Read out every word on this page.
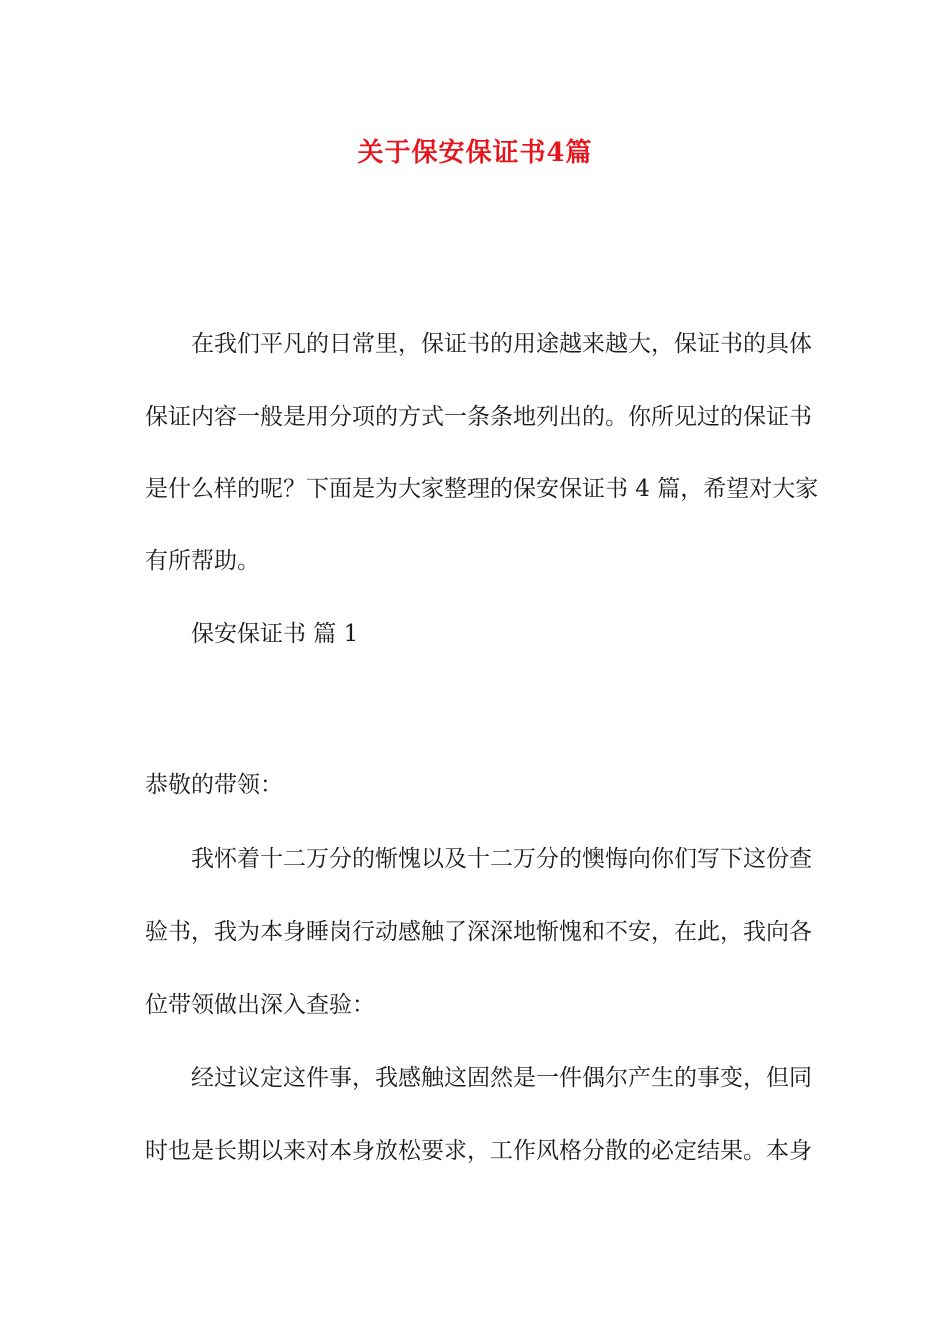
关于保安保证书4篇

在我们平凡的日常里，保证书的用途越来越大，保证书的具体

保证内容一般是用分项的方式一条条地列出的。你所见过的保证书

是什么样的呢？下面是为大家整理的保安保证书 4 篇，希望对大家

有所帮助。

保安保证书 篇 1

恭敬的带领：

我怀着十二万分的惭愧以及十二万分的懊悔向你们写下这份查

验书，我为本身睡岗行动感触了深深地惭愧和不安，在此，我向各

位带领做出深入查验：

经过议定这件事，我感触这固然是一件偶尔产生的事变，但同

时也是长期以来对本身放松要求，工作风格分散的必定结果。本身
